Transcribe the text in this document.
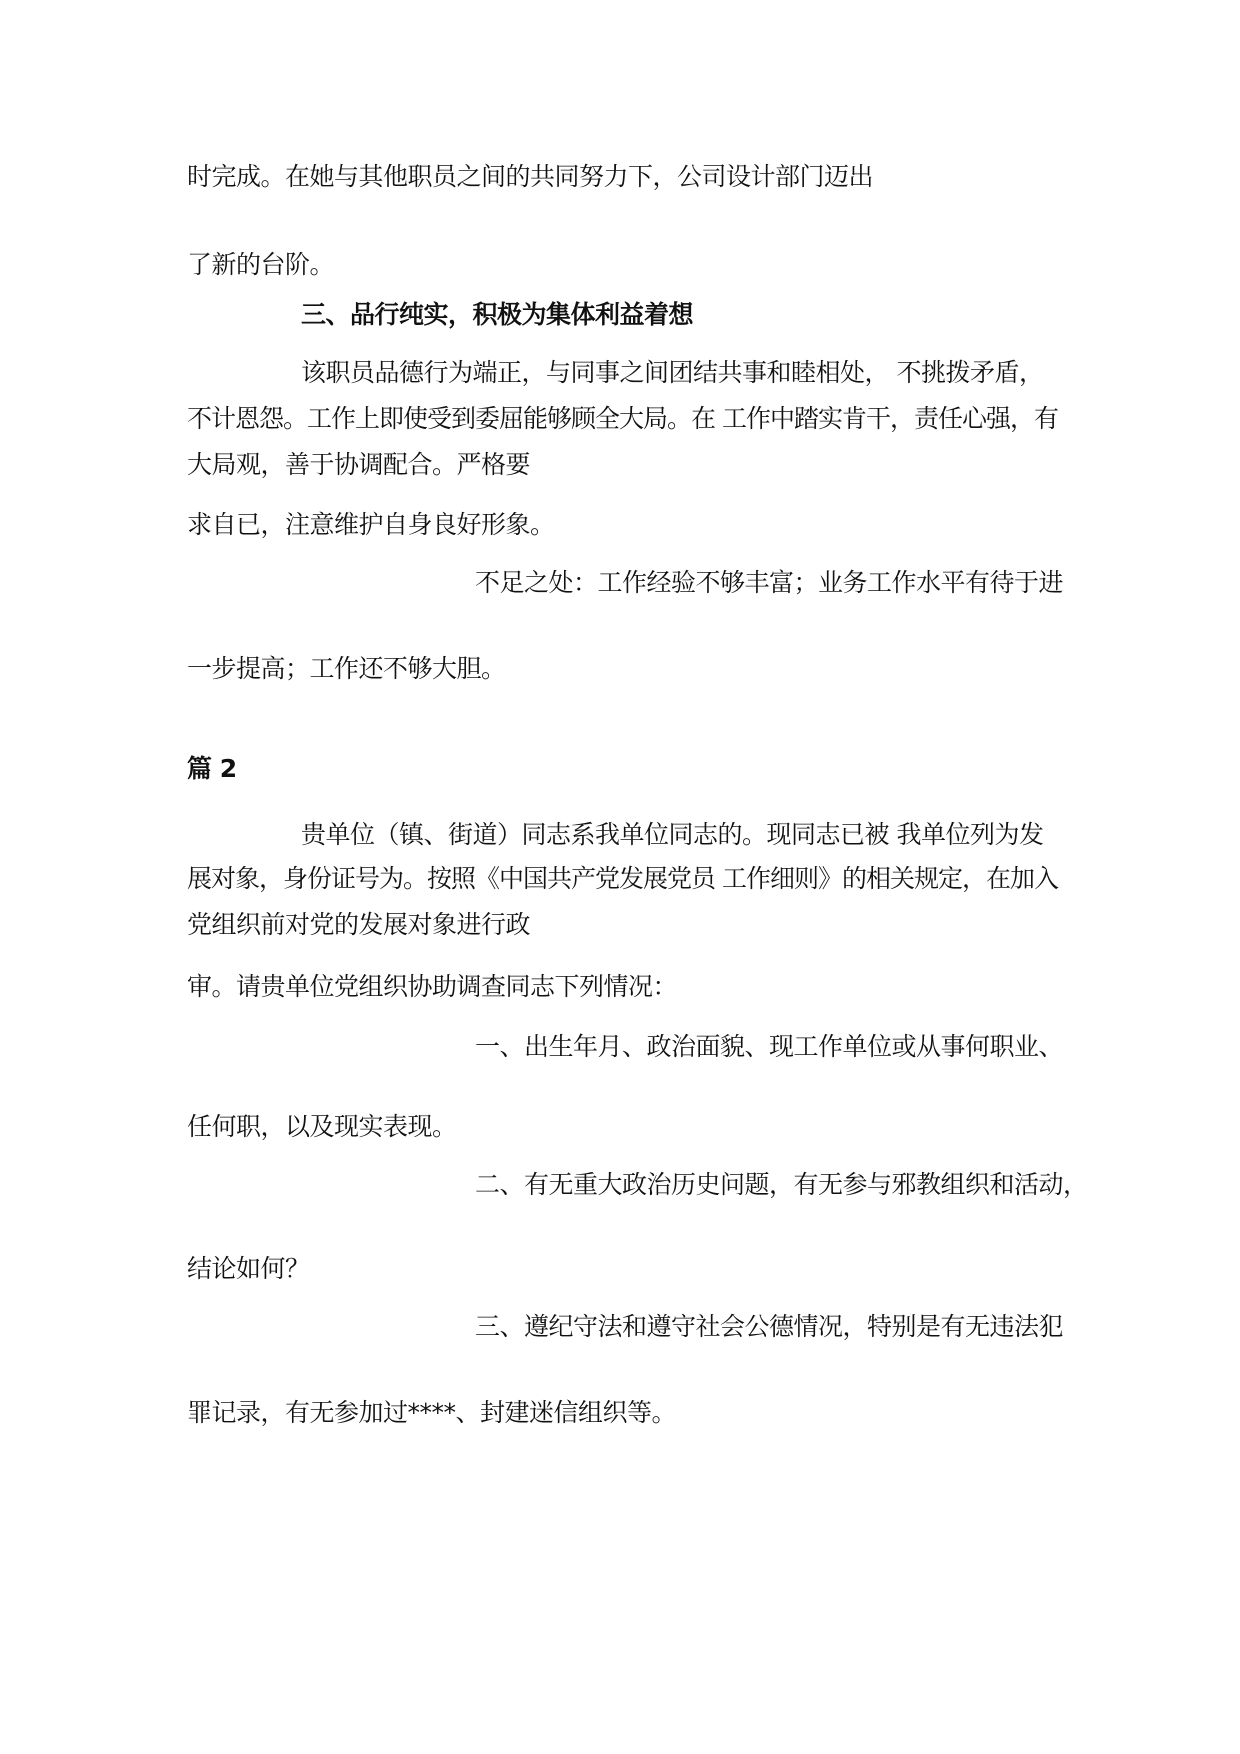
时完成。在她与其他职员之间的共同努力下，公司设计部门迈出
了新的台阶。
三、品行纯实，积极为集体利益着想
该职员品德行为端正，与同事之间团结共事和睦相处， 不挑拨矛盾，
不计恩怨。工作上即使受到委屈能够顾全大局。在 工作中踏实肯干，责任心强，有
大局观，善于协调配合。严格要
求自已，注意维护自身良好形象。
不足之处：工作经验不够丰富；业务工作水平有待于进
一步提高；工作还不够大胆。
篇 2
贵单位（镇、街道）同志系我单位同志的。现同志已被 我单位列为发
展对象，身份证号为。按照《中国共产党发展党员 工作细则》的相关规定，在加入
党组织前对党的发展对象进行政
审。请贵单位党组织协助调查同志下列情况：
一、出生年月、政治面貌、现工作单位或从事何职业、
任何职，以及现实表现。
二、有无重大政治历史问题，有无参与邪教组织和活动，
结论如何？
三、遵纪守法和遵守社会公德情况，特别是有无违法犯
罪记录，有无参加过****、封建迷信组织等。
